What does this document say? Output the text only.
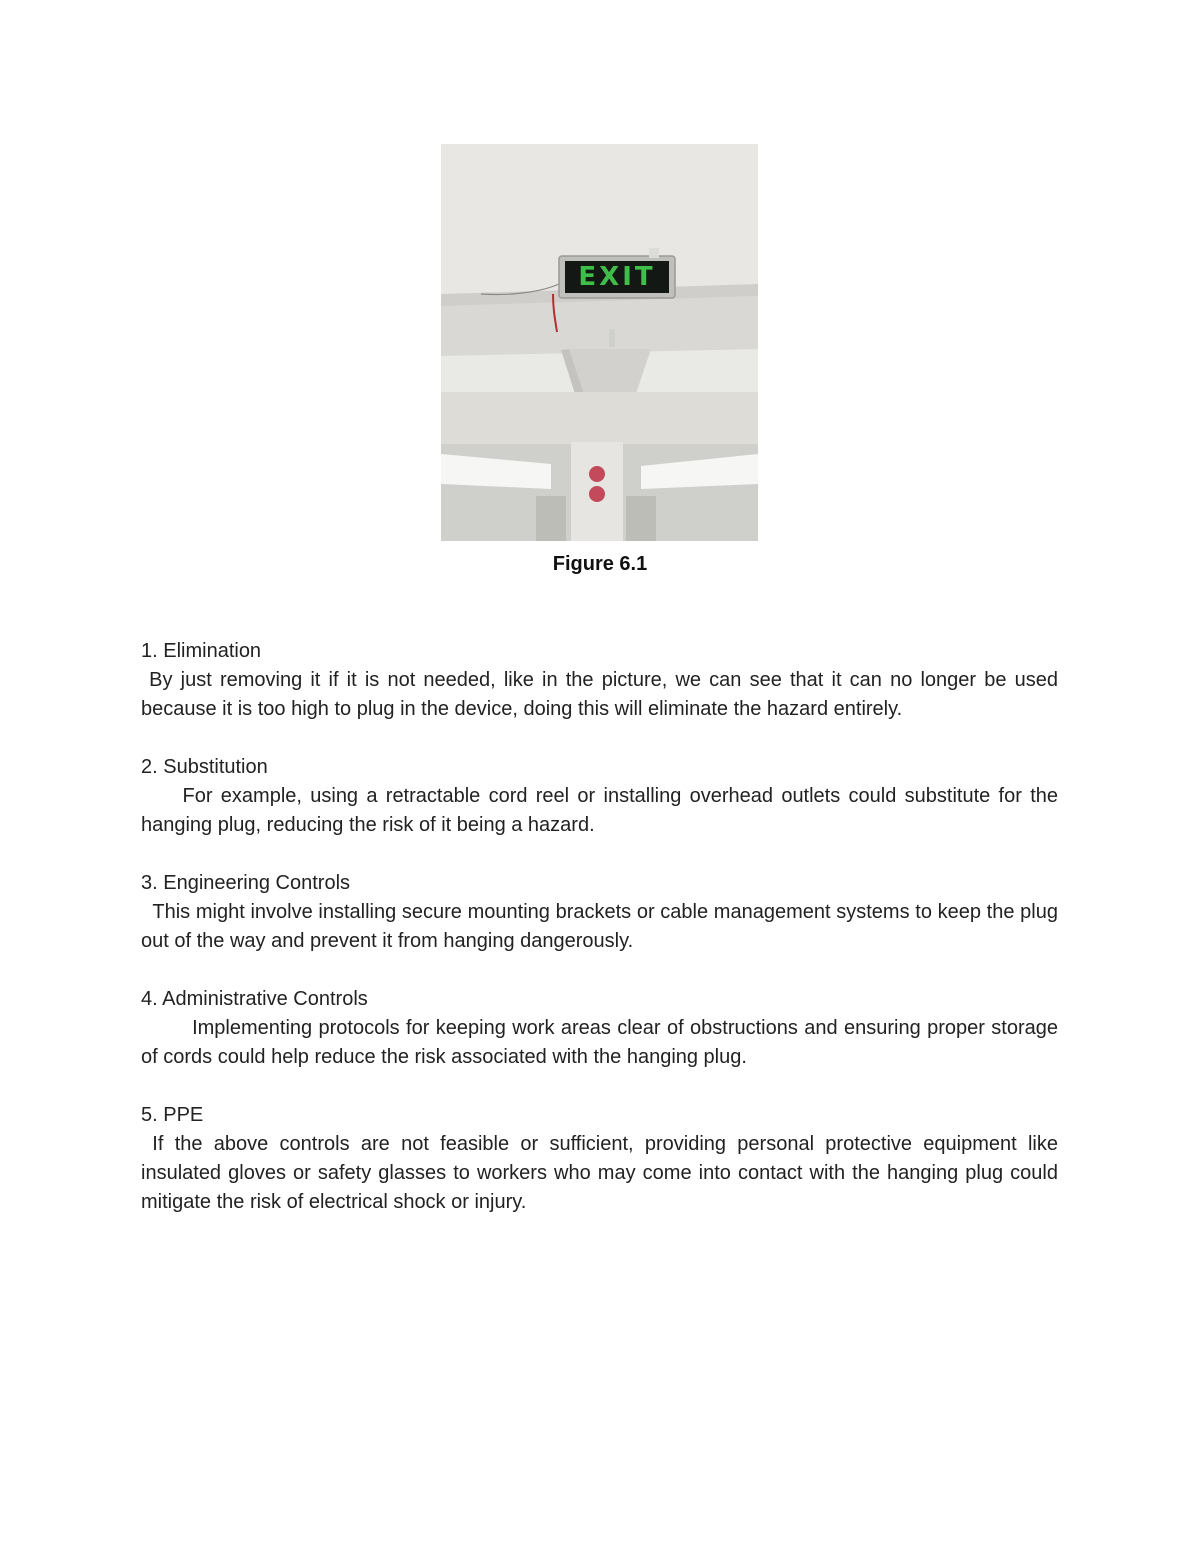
EXIT
Figure 6.1
1. Elimination
By just removing it if it is not needed, like in the picture, we can see that it can no longer be used because it is too high to plug in the device, doing this will eliminate the hazard entirely.
2. Substitution
For example, using a retractable cord reel or installing overhead outlets could substitute for the hanging plug, reducing the risk of it being a hazard.
3. Engineering Controls
This might involve installing secure mounting brackets or cable management systems to keep the plug out of the way and prevent it from hanging dangerously.
4. Administrative Controls
Implementing protocols for keeping work areas clear of obstructions and ensuring proper storage of cords could help reduce the risk associated with the hanging plug.
5. PPE
If the above controls are not feasible or sufficient, providing personal protective equipment like insulated gloves or safety glasses to workers who may come into contact with the hanging plug could mitigate the risk of electrical shock or injury.
